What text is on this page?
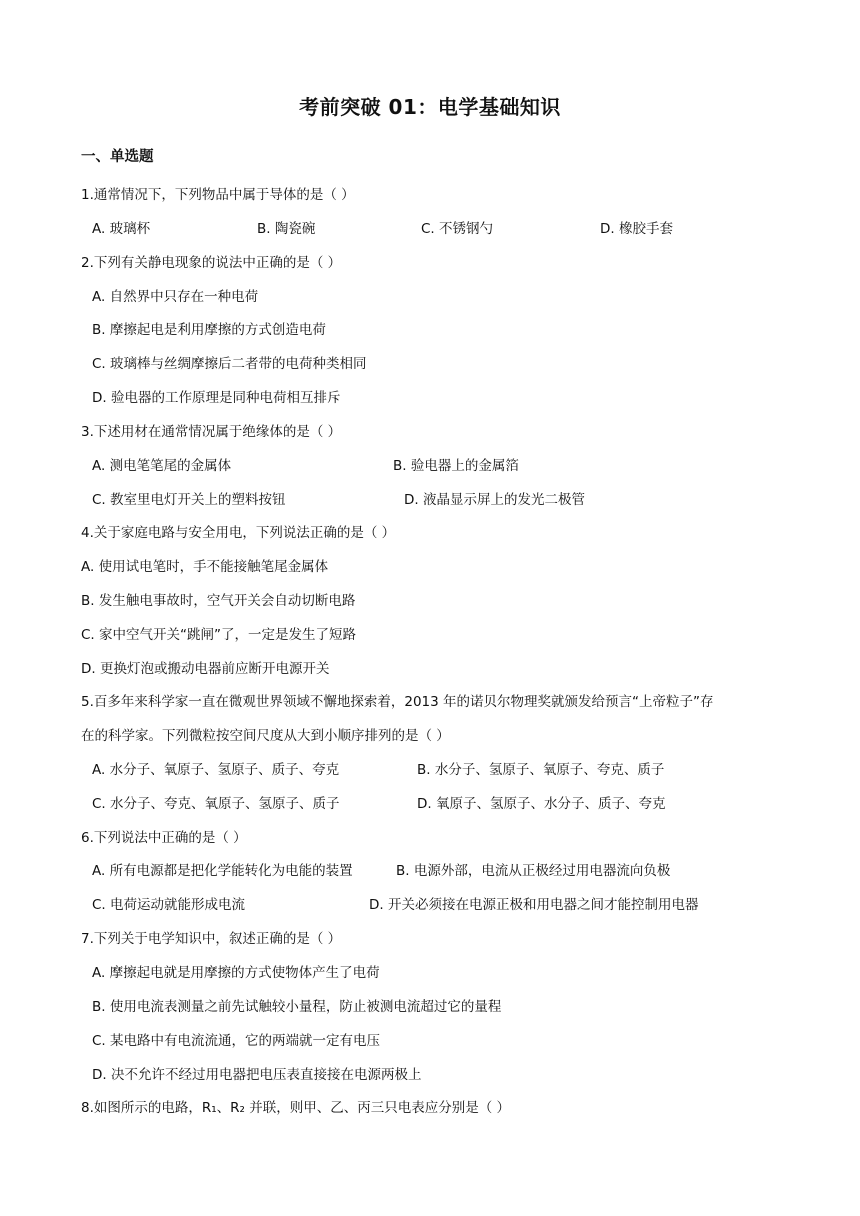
考前突破 01：电学基础知识
一、单选题
1.通常情况下，下列物品中属于导体的是（ ）
A. 玻璃杯	B. 陶瓷碗	C. 不锈钢勺	D. 橡胶手套
2.下列有关静电现象的说法中正确的是（ ）
A. 自然界中只存在一种电荷
B. 摩擦起电是利用摩擦的方式创造电荷
C. 玻璃棒与丝绸摩擦后二者带的电荷种类相同
D. 验电器的工作原理是同种电荷相互排斥
3.下述用材在通常情况属于绝缘体的是（ ）
A. 测电笔笔尾的金属体	B. 验电器上的金属箔
C. 教室里电灯开关上的塑料按钮	D. 液晶显示屏上的发光二极管
4.关于家庭电路与安全用电，下列说法正确的是（ ）
A. 使用试电笔时，手不能接触笔尾金属体
B. 发生触电事故时，空气开关会自动切断电路
C. 家中空气开关“跳闸”了，一定是发生了短路
D. 更换灯泡或搬动电器前应断开电源开关
5.百多年来科学家一直在微观世界领域不懈地探索着，2013 年的诺贝尔物理奖就颁发给预言“上帝粒子”存
在的科学家。下列微粒按空间尺度从大到小顺序排列的是（ ）
A. 水分子、氧原子、氢原子、质子、夸克	B. 水分子、氢原子、氧原子、夸克、质子
C. 水分子、夸克、氧原子、氢原子、质子	D. 氧原子、氢原子、水分子、质子、夸克
6.下列说法中正确的是（ ）
A. 所有电源都是把化学能转化为电能的装置	B. 电源外部，电流从正极经过用电器流向负极
C. 电荷运动就能形成电流	D. 开关必须接在电源正极和用电器之间才能控制用电器
7.下列关于电学知识中，叙述正确的是（ ）
A. 摩擦起电就是用摩擦的方式使物体产生了电荷
B. 使用电流表测量之前先试触较小量程，防止被测电流超过它的量程
C. 某电路中有电流流通，它的两端就一定有电压
D. 决不允许不经过用电器把电压表直接接在电源两极上
8.如图所示的电路，R₁、R₂ 并联，则甲、乙、丙三只电表应分别是（ ）
